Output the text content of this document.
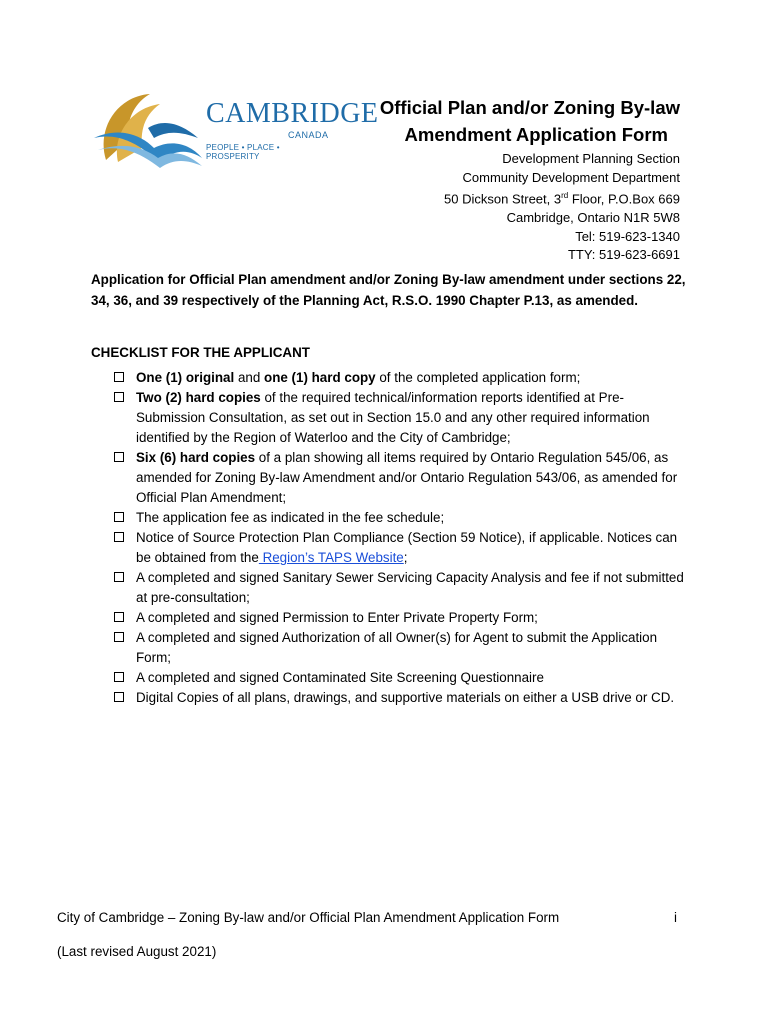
CAMBRIDGE
CANADA
PEOPLE • PLACE • PROSPERITY
Official Plan and/or Zoning By-law

Amendment Application Form
Development Planning Section
Community Development Department
50 Dickson Street, 3rd Floor, P.O.Box 669
Cambridge, Ontario N1R 5W8
Tel: 519-623-1340
TTY: 519-623-6691
Application for Official Plan amendment and/or Zoning By-law amendment under sections 22, 34, 36, and 39 respectively of the Planning Act, R.S.O. 1990 Chapter P.13, as amended.
CHECKLIST FOR THE APPLICANT
One (1) original and one (1) hard copy of the completed application form;
Two (2) hard copies of the required technical/information reports identified at Pre-Submission Consultation, as set out in Section 15.0 and any other required information identified by the Region of Waterloo and the City of Cambridge;
Six (6) hard copies of a plan showing all items required by Ontario Regulation 545/06, as amended for Zoning By-law Amendment and/or Ontario Regulation 543/06, as amended for Official Plan Amendment;
The application fee as indicated in the fee schedule;
Notice of Source Protection Plan Compliance (Section 59 Notice), if applicable. Notices can be obtained from the Region’s TAPS Website;
A completed and signed Sanitary Sewer Servicing Capacity Analysis and fee if not submitted at pre-consultation;
A completed and signed Permission to Enter Private Property Form;
A completed and signed Authorization of all Owner(s) for Agent to submit the Application Form;
A completed and signed Contaminated Site Screening Questionnaire
Digital Copies of all plans, drawings, and supportive materials on either a USB drive or CD.
City of Cambridge – Zoning By-law and/or Official Plan Amendment Application Form	i
(Last revised August 2021)
